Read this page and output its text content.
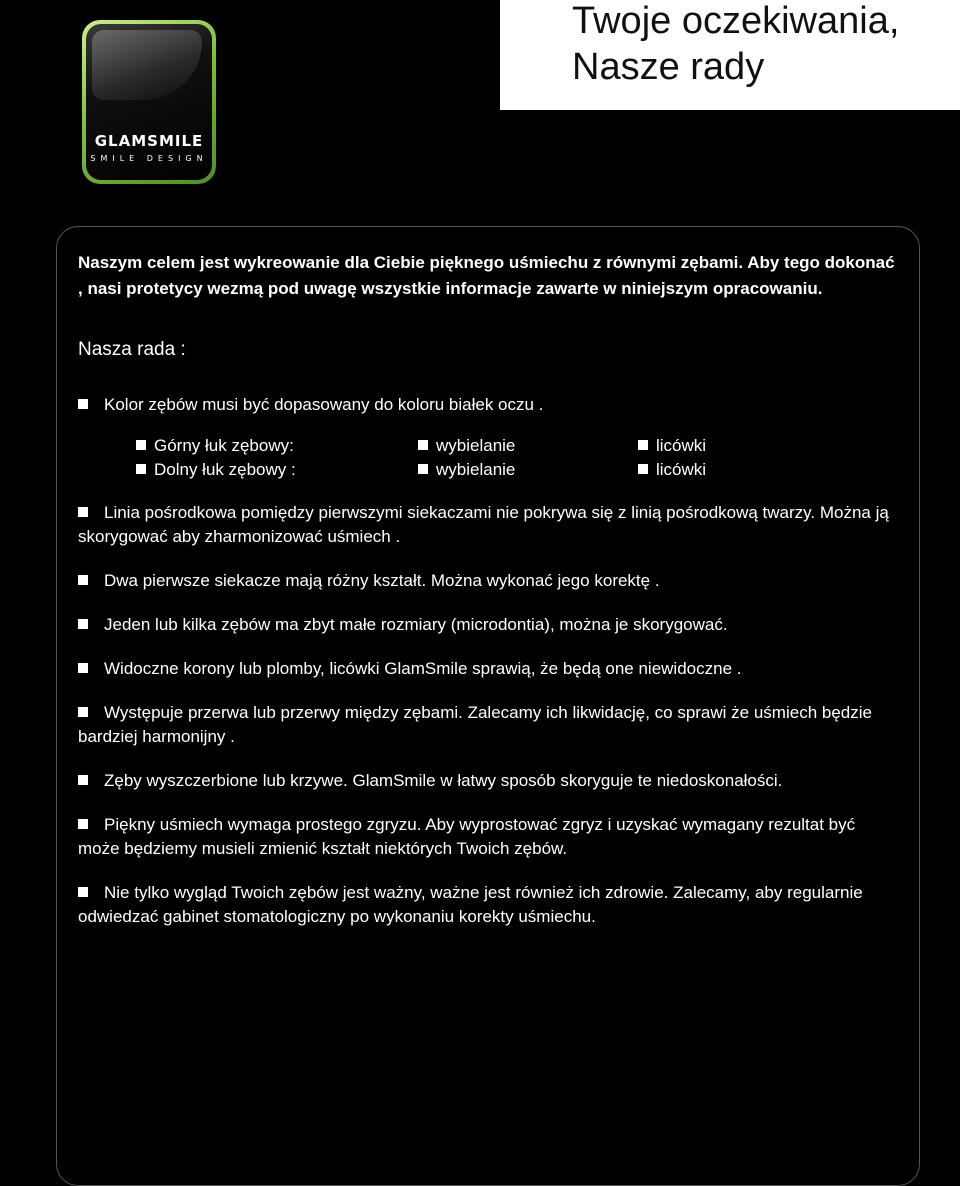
Twoje oczekiwania,
Nasze rady
GLAMSMILE
SMILE DESIGN

Naszym celem jest wykreowanie dla Ciebie pięknego uśmiechu z równymi zębami. Aby tego dokonać , nasi protetycy wezmą pod uwagę wszystkie informacje zawarte w niniejszym opracowaniu.

Nasza rada :

Kolor zębów musi być dopasowany do koloru białek oczu .

Górny łuk zębowy:	wybielanie	licówki
Dolny łuk zębowy :	wybielanie	licówki

Linia pośrodkowa pomiędzy pierwszymi siekaczami nie pokrywa się z linią pośrodkową twarzy. Można ją skorygować aby zharmonizować uśmiech .

Dwa pierwsze siekacze mają różny kształt. Można wykonać jego korektę .

Jeden lub kilka zębów ma zbyt małe rozmiary (microdontia), można je skorygować.

Widoczne korony lub plomby, licówki GlamSmile sprawią, że będą one niewidoczne .

Występuje przerwa lub przerwy między zębami. Zalecamy ich likwidację, co sprawi że uśmiech będzie bardziej harmonijny .

Zęby wyszczerbione lub krzywe. GlamSmile w łatwy sposób skoryguje te niedoskonałości.

Piękny uśmiech wymaga prostego zgryzu. Aby wyprostować zgryz i uzyskać wymagany rezultat być może będziemy musieli zmienić kształt niektórych Twoich zębów.

Nie tylko wygląd Twoich zębów jest ważny, ważne jest również ich zdrowie. Zalecamy, aby regularnie odwiedzać gabinet stomatologiczny po wykonaniu korekty uśmiechu.
